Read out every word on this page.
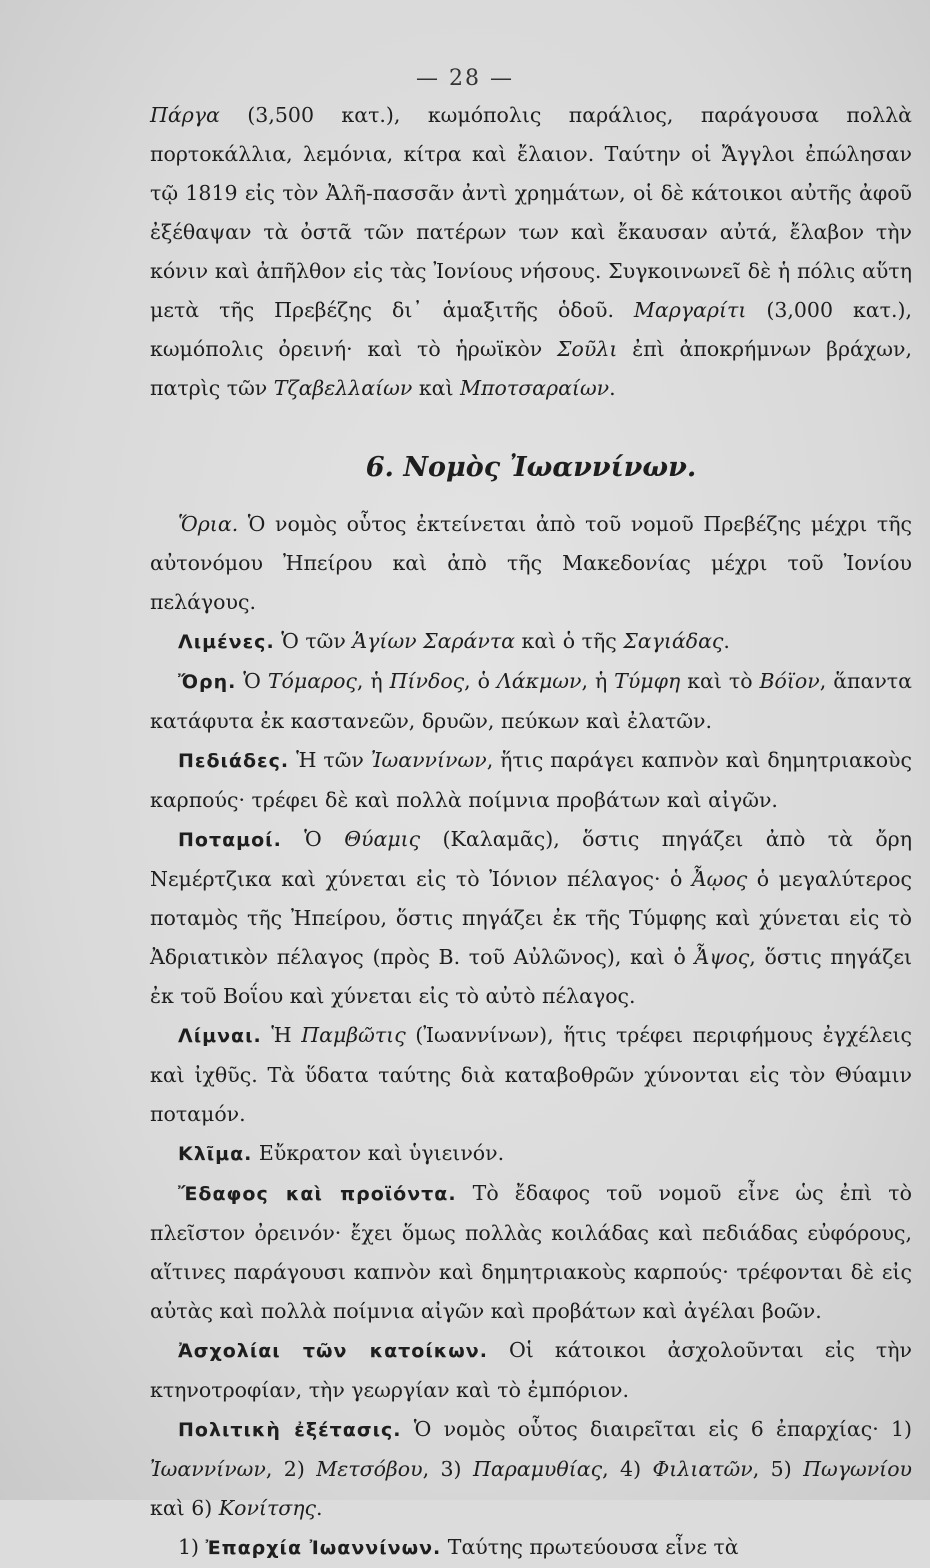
— 28 —

Πάργα (3,500 κατ.), κωμόπολις παράλιος, παράγουσα πολλὰ πορτοκάλλια, λεμόνια, κίτρα καὶ ἔλαιον. Ταύτην οἱ Ἄγγλοι ἐπώλησαν τῷ 1819 εἰς τὸν Ἀλῆ-πασσᾶν ἀντὶ χρημάτων, οἱ δὲ κάτοικοι αὐτῆς ἀφοῦ ἐξέθαψαν τὰ ὀστᾶ τῶν πατέρων των καὶ ἔκαυσαν αὐτά, ἔλαβον τὴν κόνιν καὶ ἀπῆλθον εἰς τὰς Ἰονίους νήσους. Συγκοινωνεῖ δὲ ἡ πόλις αὕτη μετὰ τῆς Πρεβέζης δι᾽ ἁμαξιτῆς ὁδοῦ. Μαργαρίτι (3,000 κατ.), κωμόπολις ὀρεινή· καὶ τὸ ἡρωϊκὸν Σοῦλι ἐπὶ ἀποκρήμνων βράχων, πατρὶς τῶν Τζαβελλαίων καὶ Μποτσαραίων.

6. Νομὸς Ἰωαννίνων.

Ὅρια. Ὁ νομὸς οὗτος ἐκτείνεται ἀπὸ τοῦ νομοῦ Πρεβέζης μέχρι τῆς αὐτονόμου Ἠπείρου καὶ ἀπὸ τῆς Μακεδονίας μέχρι τοῦ Ἰονίου πελάγους.

Λιμένες. Ὁ τῶν Ἁγίων Σαράντα καὶ ὁ τῆς Σαγιάδας.

Ὄρη. Ὁ Τόμαρος, ἡ Πίνδος, ὁ Λάκμων, ἡ Τύμφη καὶ τὸ Βόϊον, ἅπαντα κατάφυτα ἐκ καστανεῶν, δρυῶν, πεύκων καὶ ἐλατῶν.

Πεδιάδες. Ἡ τῶν Ἰωαννίνων, ἥτις παράγει καπνὸν καὶ δημητριακοὺς καρπούς· τρέφει δὲ καὶ πολλὰ ποίμνια προβάτων καὶ αἰγῶν.

Ποταμοί. Ὁ Θύαμις (Καλαμᾶς), ὅστις πηγάζει ἀπὸ τὰ ὄρη Νεμέρτζικα καὶ χύνεται εἰς τὸ Ἰόνιον πέλαγος· ὁ Ἆῳος ὁ μεγαλύτερος ποταμὸς τῆς Ἠπείρου, ὅστις πηγάζει ἐκ τῆς Τύμφης καὶ χύνεται εἰς τὸ Ἀδριατικὸν πέλαγος (πρὸς Β. τοῦ Αὐλῶνος), καὶ ὁ Ἆψος, ὅστις πηγάζει ἐκ τοῦ Βοΐου καὶ χύνεται εἰς τὸ αὐτὸ πέλαγος.

Λίμναι. Ἡ Παμβῶτις (Ἰωαννίνων), ἥτις τρέφει περιφήμους ἐγχέλεις καὶ ἰχθῦς. Τὰ ὕδατα ταύτης διὰ καταβοθρῶν χύνονται εἰς τὸν Θύαμιν ποταμόν.

Κλῖμα. Εὔκρατον καὶ ὑγιεινόν.

Ἔδαφος καὶ προϊόντα. Τὸ ἔδαφος τοῦ νομοῦ εἶνε ὡς ἐπὶ τὸ πλεῖστον ὀρεινόν· ἔχει ὅμως πολλὰς κοιλάδας καὶ πεδιάδας εὐφόρους, αἵτινες παράγουσι καπνὸν καὶ δημητριακοὺς καρπούς· τρέφονται δὲ εἰς αὐτὰς καὶ πολλὰ ποίμνια αἰγῶν καὶ προβάτων καὶ ἀγέλαι βοῶν.

Ἀσχολίαι τῶν κατοίκων. Οἱ κάτοικοι ἀσχολοῦνται εἰς τὴν κτηνοτροφίαν, τὴν γεωργίαν καὶ τὸ ἐμπόριον.

Πολιτικὴ ἐξέτασις. Ὁ νομὸς οὗτος διαιρεῖται εἰς 6 ἐπαρχίας· 1) Ἰωαννίνων, 2) Μετσόβου, 3) Παραμυθίας, 4) Φιλιατῶν, 5) Πωγωνίου καὶ 6) Κονίτσης.

1) Ἐπαρχία Ἰωαννίνων. Ταύτης πρωτεύουσα εἶνε τὰ
